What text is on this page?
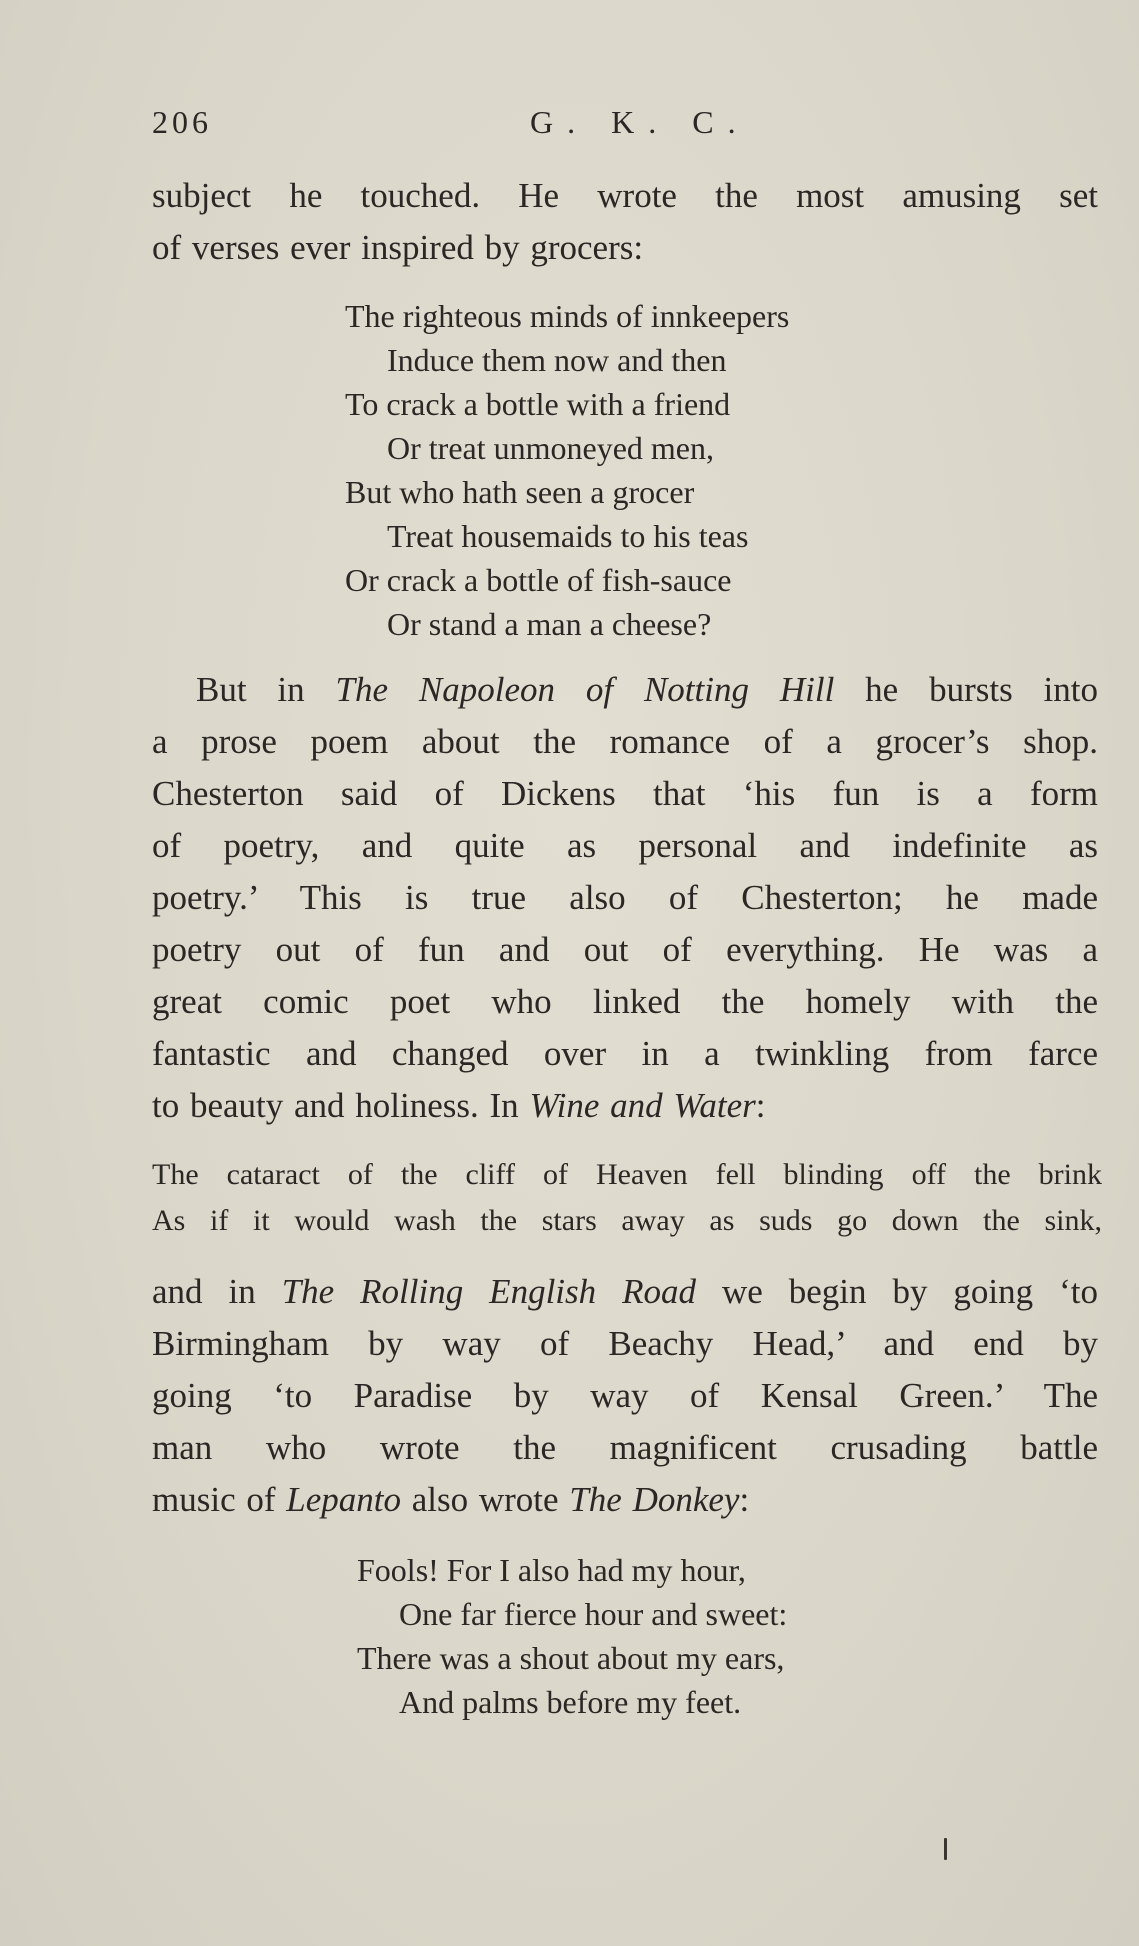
206	G. K. C.

subject he touched. He wrote the most amusing set
of verses ever inspired by grocers:

The righteous minds of innkeepers
Induce them now and then
To crack a bottle with a friend
Or treat unmoneyed men,
But who hath seen a grocer
Treat housemaids to his teas
Or crack a bottle of fish-sauce
Or stand a man a cheese?

But in The Napoleon of Notting Hill he bursts into
a prose poem about the romance of a grocer’s shop.
Chesterton said of Dickens that ‘his fun is a form
of poetry, and quite as personal and indefinite as
poetry.’ This is true also of Chesterton; he made
poetry out of fun and out of everything. He was a
great comic poet who linked the homely with the
fantastic and changed over in a twinkling from farce
to beauty and holiness. In Wine and Water:

The cataract of the cliff of Heaven fell blinding off the brink
As if it would wash the stars away as suds go down the sink,

and in The Rolling English Road we begin by going ‘to
Birmingham by way of Beachy Head,’ and end by
going ‘to Paradise by way of Kensal Green.’ The
man who wrote the magnificent crusading battle
music of Lepanto also wrote The Donkey:

Fools! For I also had my hour,
One far fierce hour and sweet:
There was a shout about my ears,
And palms before my feet.
